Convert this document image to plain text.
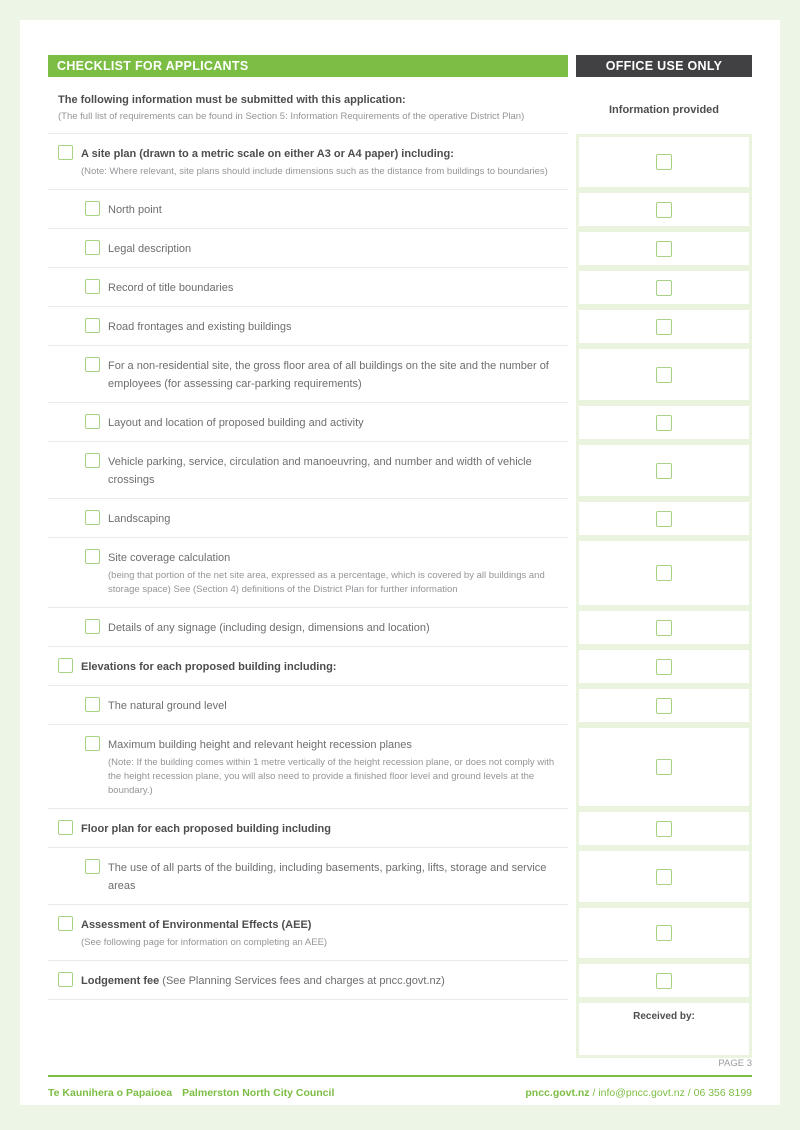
CHECKLIST FOR APPLICANTS	OFFICE USE ONLY
The following information must be submitted with this application:
(The full list of requirements can be found in Section 5: Information Requirements of the operative District Plan)
Information provided
A site plan (drawn to a metric scale on either A3 or A4 paper) including:
(Note: Where relevant, site plans should include dimensions such as the distance from buildings to boundaries)
North point
Legal description
Record of title boundaries
Road frontages and existing buildings
For a non-residential site, the gross floor area of all buildings on the site and the number of employees (for assessing car-parking requirements)
Layout and location of proposed building and activity
Vehicle parking, service, circulation and manoeuvring, and number and width of vehicle crossings
Landscaping
Site coverage calculation
(being that portion of the net site area, expressed as a percentage, which is covered by all buildings and storage space) See (Section 4) definitions of the District Plan for further information
Details of any signage (including design, dimensions and location)
Elevations for each proposed building including:
The natural ground level
Maximum building height and relevant height recession planes
(Note: If the building comes within 1 metre vertically of the height recession plane, or does not comply with the height recession plane, you will also need to provide a finished floor level and ground levels at the boundary.)
Floor plan for each proposed building including
The use of all parts of the building, including basements, parking, lifts, storage and service areas
Assessment of Environmental Effects (AEE)
(See following page for information on completing an AEE)
Lodgement fee (See Planning Services fees and charges at pncc.govt.nz)
Received by:
PAGE 3
Te Kaunihera o Papaioea Palmerston North City Council	pncc.govt.nz / info@pncc.govt.nz / 06 356 8199
